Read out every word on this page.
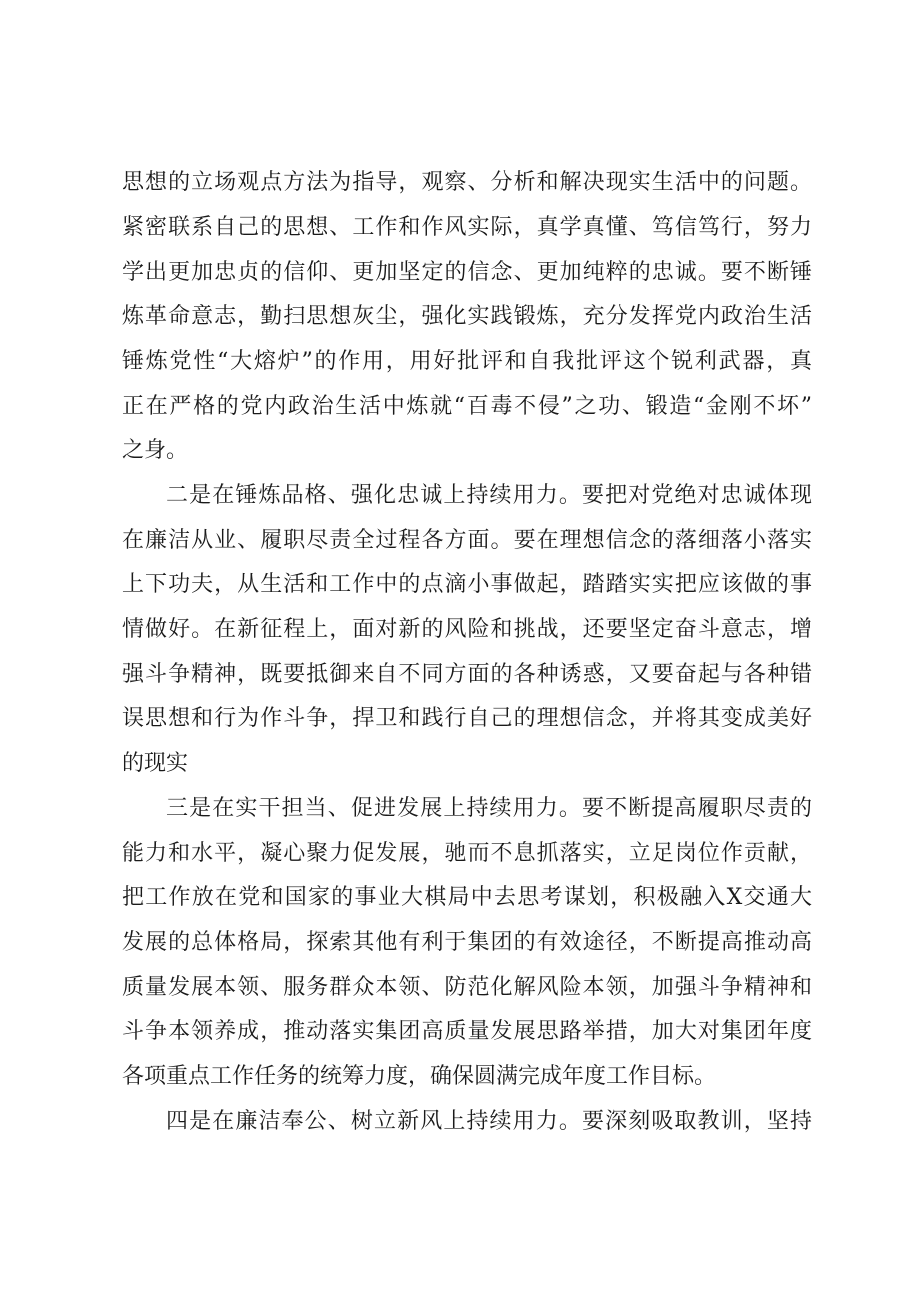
思想的立场观点方法为指导，观察、分析和解决现实生活中的问题。
紧密联系自己的思想、工作和作风实际，真学真懂、笃信笃行，努力
学出更加忠贞的信仰、更加坚定的信念、更加纯粹的忠诚。要不断锤
炼革命意志，勤扫思想灰尘，强化实践锻炼，充分发挥党内政治生活
锤炼党性“大熔炉”的作用，用好批评和自我批评这个锐利武器，真
正在严格的党内政治生活中炼就“百毒不侵”之功、锻造“金刚不坏”
之身。
二是在锤炼品格、强化忠诚上持续用力。要把对党绝对忠诚体现
在廉洁从业、履职尽责全过程各方面。要在理想信念的落细落小落实
上下功夫，从生活和工作中的点滴小事做起，踏踏实实把应该做的事
情做好。在新征程上，面对新的风险和挑战，还要坚定奋斗意志，增
强斗争精神，既要抵御来自不同方面的各种诱惑，又要奋起与各种错
误思想和行为作斗争，捍卫和践行自己的理想信念，并将其变成美好
的现实
三是在实干担当、促进发展上持续用力。要不断提高履职尽责的
能力和水平，凝心聚力促发展，驰而不息抓落实，立足岗位作贡献，
把工作放在党和国家的事业大棋局中去思考谋划，积极融入X交通大
发展的总体格局，探索其他有利于集团的有效途径，不断提高推动高
质量发展本领、服务群众本领、防范化解风险本领，加强斗争精神和
斗争本领养成，推动落实集团高质量发展思路举措，加大对集团年度
各项重点工作任务的统筹力度，确保圆满完成年度工作目标。
四是在廉洁奉公、树立新风上持续用力。要深刻吸取教训，坚持
